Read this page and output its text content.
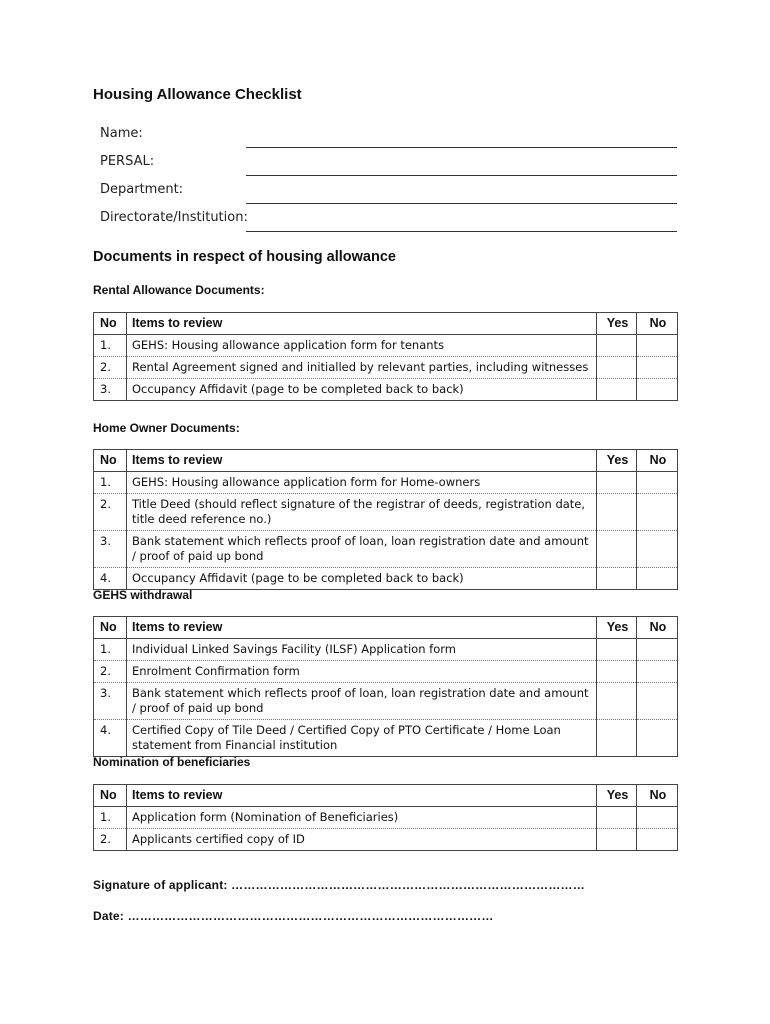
Housing Allowance Checklist
Name:
PERSAL:
Department:
Directorate/Institution:
Documents in respect of housing allowance
Rental Allowance Documents:
No	Items to review	Yes	No
1.	GEHS: Housing allowance application form for tenants		
2.	Rental Agreement signed and initialled by relevant parties, including witnesses		
3.	Occupancy Affidavit (page to be completed back to back)		
Home Owner Documents:
No	Items to review	Yes	No
1.	GEHS: Housing allowance application form for Home-owners		
2.	Title Deed (should reflect signature of the registrar of deeds, registration date, title deed reference no.)		
3.	Bank statement which reflects proof of loan, loan registration date and amount / proof of paid up bond		
4.	Occupancy Affidavit (page to be completed back to back)		
GEHS withdrawal
No	Items to review	Yes	No
1.	Individual Linked Savings Facility (ILSF) Application form		
2.	Enrolment Confirmation form		
3.	Bank statement which reflects proof of loan, loan registration date and amount / proof of paid up bond		
4.	Certified Copy of Tile Deed / Certified Copy of PTO Certificate / Home Loan statement from Financial institution		
Nomination of beneficiaries
No	Items to review	Yes	No
1.	Application form (Nomination of Beneficiaries)		
2.	Applicants certified copy of ID		
Signature of applicant: ……………………………………………………………………………
Date: ………………………………………………………………………………
